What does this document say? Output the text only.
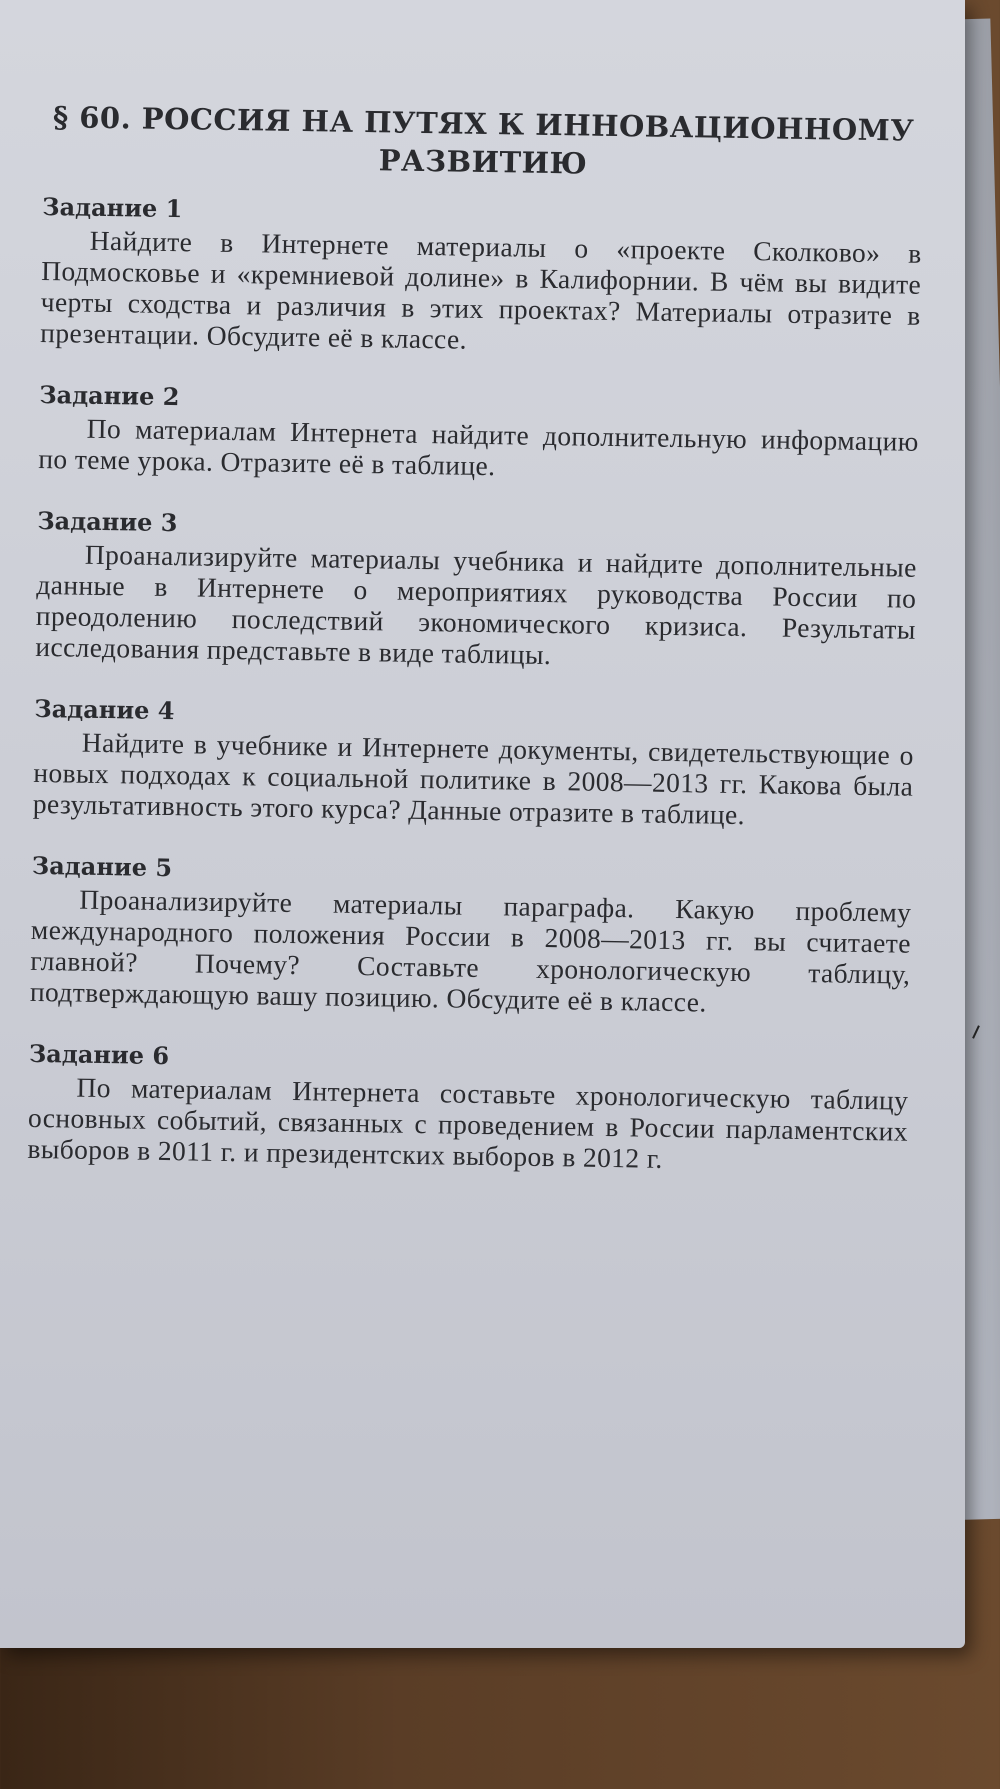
§ 60. РОССИЯ НА ПУТЯХ К ИННОВАЦИОННОМУ РАЗВИТИЮ
Задание 1

Найдите в Интернете материалы о «проекте Сколково» в Подмосковье и «кремниевой долине» в Калифорнии. В чём вы видите черты сходства и различия в этих проектах? Материалы отразите в презентации. Обсудите её в классе.

Задание 2

По материалам Интернета найдите дополнительную информацию по теме урока. Отразите её в таблице.

Задание 3

Проанализируйте материалы учебника и найдите дополнительные данные в Интернете о мероприятиях руководства России по преодолению последствий экономического кризиса. Результаты исследования представьте в виде таблицы.

Задание 4

Найдите в учебнике и Интернете документы, свидетельствующие о новых подходах к социальной политике в 2008—2013 гг. Какова была результативность этого курса? Данные отразите в таблице.

Задание 5

Проанализируйте материалы параграфа. Какую проблему международного положения России в 2008—2013 гг. вы считаете главной? Почему? Составьте хронологическую таблицу, подтверждающую вашу позицию. Обсудите её в классе.

Задание 6

По материалам Интернета составьте хронологическую таблицу основных событий, связанных с проведением в России парламентских выборов в 2011 г. и президентских выборов в 2012 г.
